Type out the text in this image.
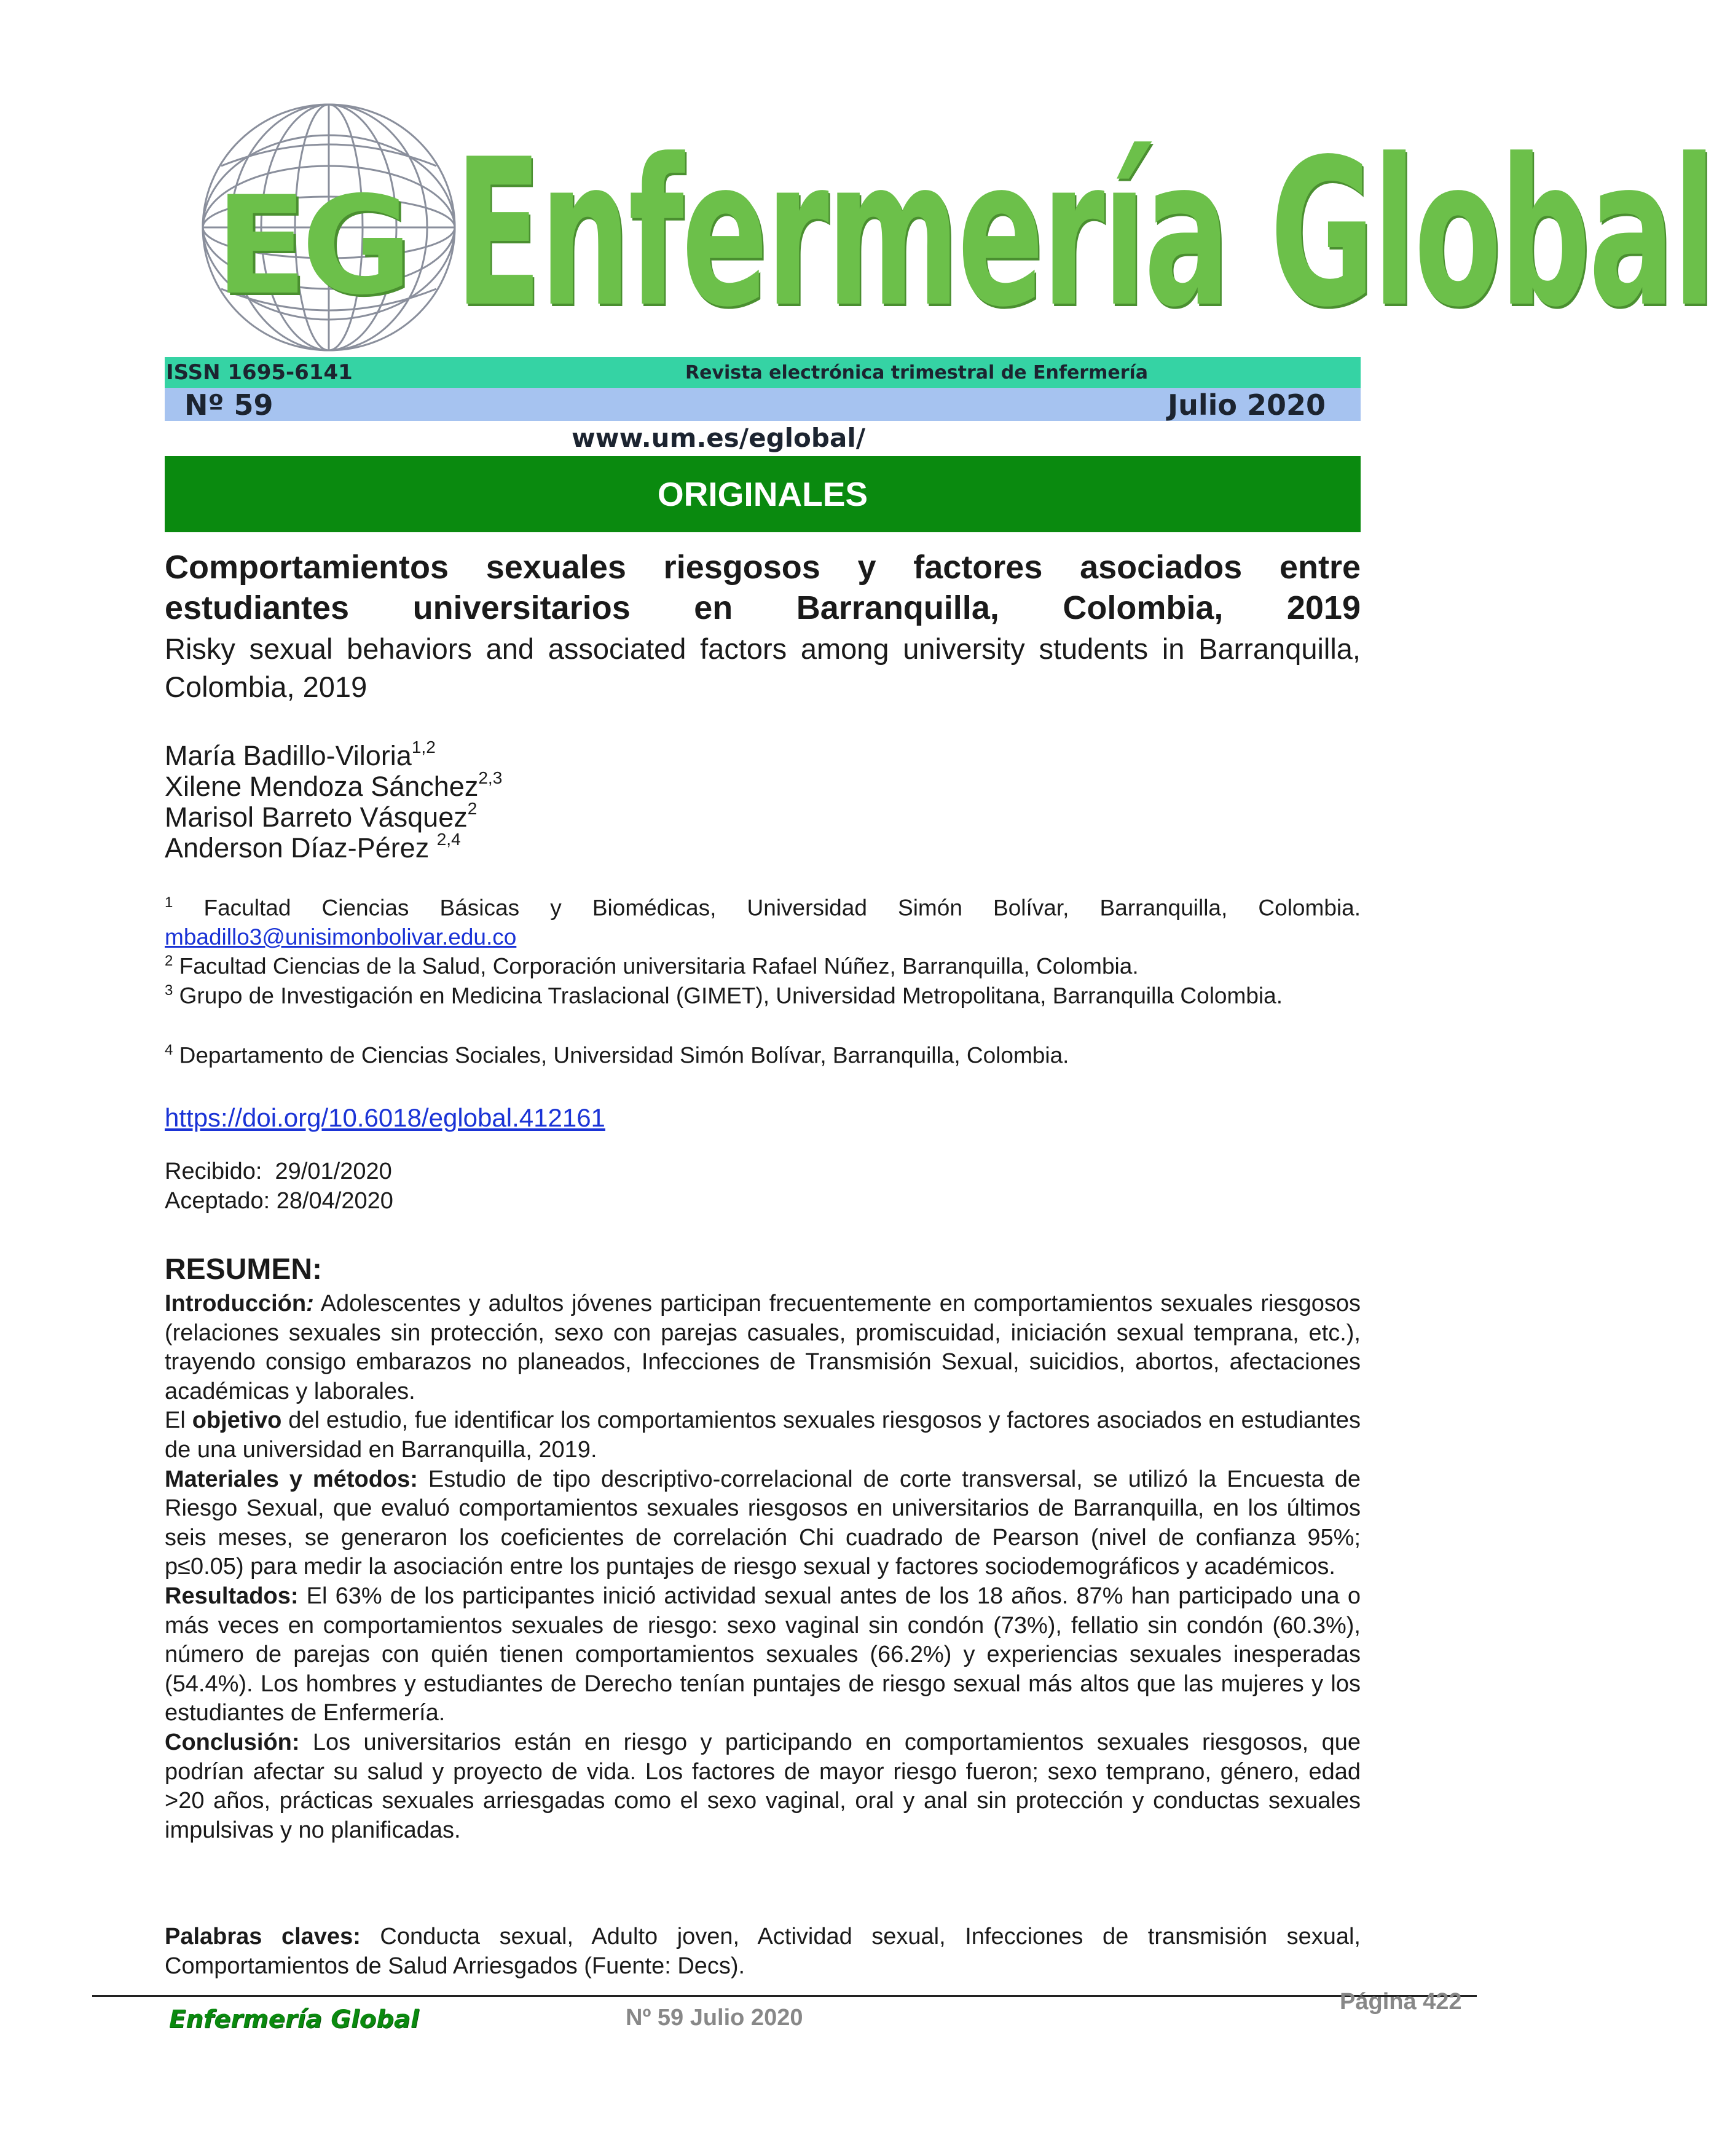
EG Enfermería Global
ISSN 1695-6141	Revista electrónica trimestral de Enfermería
Nº 59	Julio 2020
www.um.es/eglobal/
ORIGINALES
Comportamientos sexuales riesgosos y factores asociados entre estudiantes universitarios en Barranquilla, Colombia, 2019
Risky sexual behaviors and associated factors among university students in Barranquilla, Colombia, 2019
María Badillo-Viloria$^{1,2}$
Xilene Mendoza Sánchez$^{2,3}$
Marisol Barreto Vásquez$^2$
Anderson Díaz-Pérez $^{2,4}$
$^1$ Facultad Ciencias Básicas y Biomédicas, Universidad Simón Bolívar, Barranquilla, Colombia. mbadillo3@unisimonbolivar.edu.co
$^2$ Facultad Ciencias de la Salud, Corporación universitaria Rafael Núñez, Barranquilla, Colombia.
$^3$ Grupo de Investigación en Medicina Traslacional (GIMET), Universidad Metropolitana, Barranquilla Colombia.
$^4$ Departamento de Ciencias Sociales, Universidad Simón Bolívar, Barranquilla, Colombia.
https://doi.org/10.6018/eglobal.412161
Recibido: 29/01/2020
Aceptado: 28/04/2020
RESUMEN:

Introducción: Adolescentes y adultos jóvenes participan frecuentemente en comportamientos sexuales riesgosos (relaciones sexuales sin protección, sexo con parejas casuales, promiscuidad, iniciación sexual temprana, etc.), trayendo consigo embarazos no planeados, Infecciones de Transmisión Sexual, suicidios, abortos, afectaciones académicas y laborales.

El objetivo del estudio, fue identificar los comportamientos sexuales riesgosos y factores asociados en estudiantes de una universidad en Barranquilla, 2019.

Materiales y métodos: Estudio de tipo descriptivo-correlacional de corte transversal, se utilizó la Encuesta de Riesgo Sexual, que evaluó comportamientos sexuales riesgosos en universitarios de Barranquilla, en los últimos seis meses, se generaron los coeficientes de correlación Chi cuadrado de Pearson (nivel de confianza 95%; p≤0.05) para medir la asociación entre los puntajes de riesgo sexual y factores sociodemográficos y académicos.

Resultados: El 63% de los participantes inició actividad sexual antes de los 18 años. 87% han participado una o más veces en comportamientos sexuales de riesgo: sexo vaginal sin condón (73%), fellatio sin condón (60.3%), número de parejas con quién tienen comportamientos sexuales (66.2%) y experiencias sexuales inesperadas (54.4%). Los hombres y estudiantes de Derecho tenían puntajes de riesgo sexual más altos que las mujeres y los estudiantes de Enfermería.

Conclusión: Los universitarios están en riesgo y participando en comportamientos sexuales riesgosos, que podrían afectar su salud y proyecto de vida. Los factores de mayor riesgo fueron; sexo temprano, género, edad >20 años, prácticas sexuales arriesgadas como el sexo vaginal, oral y anal sin protección y conductas sexuales impulsivas y no planificadas.

Palabras claves: Conducta sexual, Adulto joven, Actividad sexual, Infecciones de transmisión sexual, Comportamientos de Salud Arriesgados (Fuente: Decs).
Enfermería Global	Nº 59 Julio 2020
Página 422
